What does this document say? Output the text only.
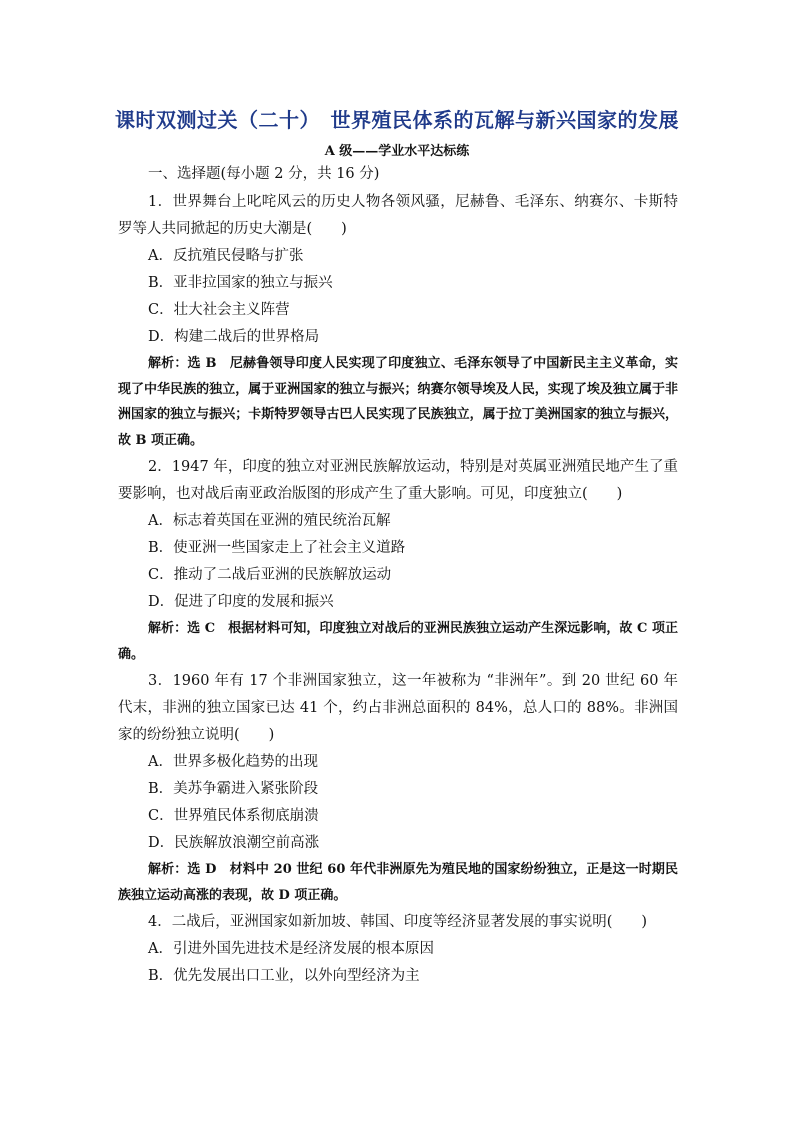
课时双测过关（二十）　世界殖民体系的瓦解与新兴国家的发展
A 级——学业水平达标练
一、选择题(每小题 2 分，共 16 分)
1．世界舞台上叱咤风云的历史人物各领风骚，尼赫鲁、毛泽东、纳赛尔、卡斯特罗等人共同掀起的历史大潮是(　　)
A．反抗殖民侵略与扩张
B．亚非拉国家的独立与振兴
C．壮大社会主义阵营
D．构建二战后的世界格局
解析：选 B　尼赫鲁领导印度人民实现了印度独立、毛泽东领导了中国新民主主义革命，实现了中华民族的独立，属于亚洲国家的独立与振兴；纳赛尔领导埃及人民，实现了埃及独立属于非洲国家的独立与振兴；卡斯特罗领导古巴人民实现了民族独立，属于拉丁美洲国家的独立与振兴，故 B 项正确。
2．1947 年，印度的独立对亚洲民族解放运动，特别是对英属亚洲殖民地产生了重要影响，也对战后南亚政治版图的形成产生了重大影响。可见，印度独立(　　)
A．标志着英国在亚洲的殖民统治瓦解
B．使亚洲一些国家走上了社会主义道路
C．推动了二战后亚洲的民族解放运动
D．促进了印度的发展和振兴
解析：选 C　根据材料可知，印度独立对战后的亚洲民族独立运动产生深远影响，故 C 项正确。
3．1960 年有 17 个非洲国家独立，这一年被称为 “非洲年”。到 20 世纪 60 年代末，非洲的独立国家已达 41 个，约占非洲总面积的 84%，总人口的 88%。非洲国家的纷纷独立说明(　　)
A．世界多极化趋势的出现
B．美苏争霸进入紧张阶段
C．世界殖民体系彻底崩溃
D．民族解放浪潮空前高涨
解析：选 D　材料中 20 世纪 60 年代非洲原先为殖民地的国家纷纷独立，正是这一时期民族独立运动高涨的表现，故 D 项正确。
4．二战后，亚洲国家如新加坡、韩国、印度等经济显著发展的事实说明(　　)
A．引进外国先进技术是经济发展的根本原因
B．优先发展出口工业，以外向型经济为主
